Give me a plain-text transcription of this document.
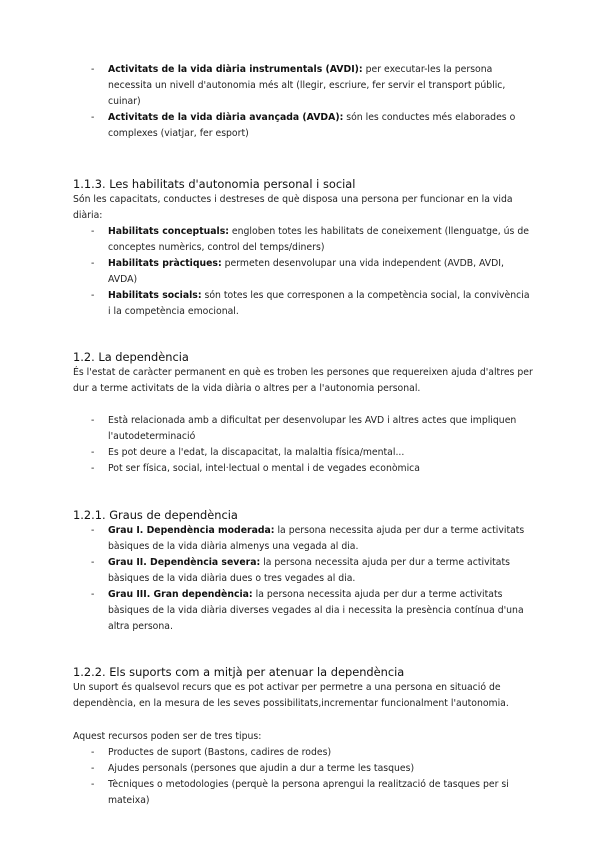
- Activitats de la vida diària instrumentals (AVDI): per executar-les la persona necessita un nivell d'autonomia més alt (llegir, escriure, fer servir el transport públic, cuinar)
- Activitats de la vida diària avançada (AVDA): són les conductes més elaborades o complexes (viatjar, fer esport)
1.1.3. Les habilitats d'autonomia personal i social

Són les capacitats, conductes i destreses de què disposa una persona per funcionar en la vida diària:

- Habilitats conceptuals: engloben totes les habilitats de coneixement (llenguatge, ús de conceptes numèrics, control del temps/diners)
- Habilitats pràctiques: permeten desenvolupar una vida independent (AVDB, AVDI, AVDA)
- Habilitats socials: són totes les que corresponen a la competència social, la convivència i la competència emocional.
1.2. La dependència

És l'estat de caràcter permanent en què es troben les persones que requereixen ajuda d'altres per dur a terme activitats de la vida diària o altres per a l'autonomia personal.

- Està relacionada amb a dificultat per desenvolupar les AVD i altres actes que impliquen l'autodeterminació
- Es pot deure a l'edat, la discapacitat, la malaltia física/mental...
- Pot ser física, social, intel·lectual o mental i de vegades econòmica
1.2.1. Graus de dependència
- Grau I. Dependència moderada: la persona necessita ajuda per dur a terme activitats bàsiques de la vida diària almenys una vegada al dia.
- Grau II. Dependència severa: la persona necessita ajuda per dur a terme activitats bàsiques de la vida diària dues o tres vegades al dia.
- Grau III. Gran dependència: la persona necessita ajuda per dur a terme activitats bàsiques de la vida diària diverses vegades al dia i necessita la presència contínua d'una altra persona.
1.2.2. Els suports com a mitjà per atenuar la dependència

Un suport és qualsevol recurs que es pot activar per permetre a una persona en situació de dependència, en la mesura de les seves possibilitats,incrementar funcionalment l'autonomia.

Aquest recursos poden ser de tres tipus:

- Productes de suport (Bastons, cadires de rodes)
- Ajudes personals (persones que ajudin a dur a terme les tasques)
- Tècniques o metodologies (perquè la persona aprengui la realització de tasques per si mateixa)
